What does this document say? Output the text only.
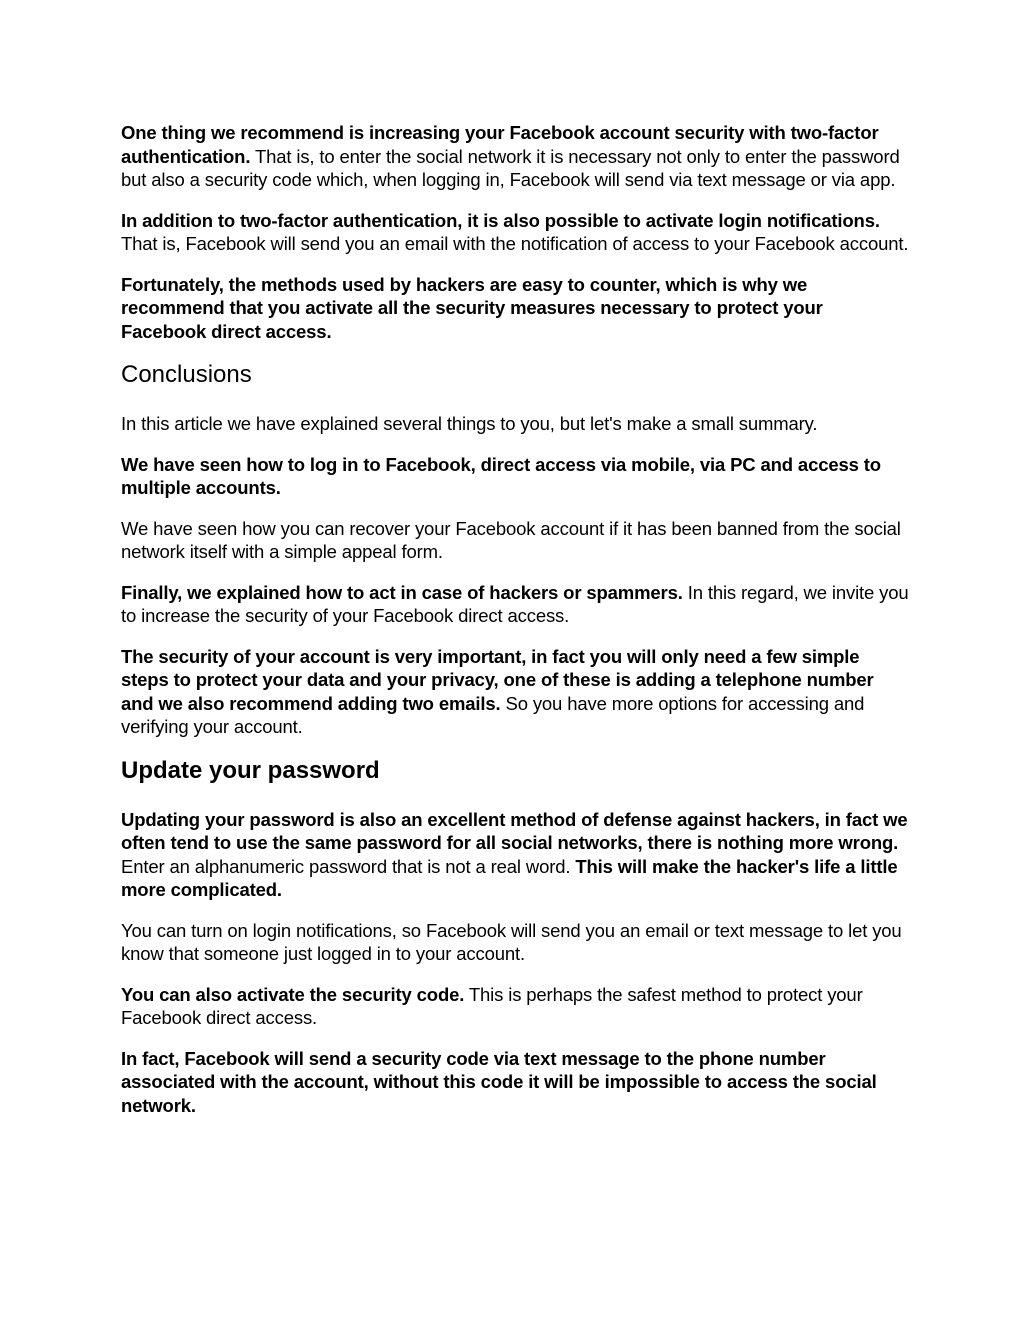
One thing we recommend is increasing your Facebook account security with two-factor authentication. That is, to enter the social network it is necessary not only to enter the password but also a security code which, when logging in, Facebook will send via text message or via app.

In addition to two-factor authentication, it is also possible to activate login notifications. That is, Facebook will send you an email with the notification of access to your Facebook account.

Fortunately, the methods used by hackers are easy to counter, which is why we recommend that you activate all the security measures necessary to protect your Facebook direct access.

Conclusions

In this article we have explained several things to you, but let's make a small summary.

We have seen how to log in to Facebook, direct access via mobile, via PC and access to multiple accounts.

We have seen how you can recover your Facebook account if it has been banned from the social network itself with a simple appeal form.

Finally, we explained how to act in case of hackers or spammers. In this regard, we invite you to increase the security of your Facebook direct access.

The security of your account is very important, in fact you will only need a few simple steps to protect your data and your privacy, one of these is adding a telephone number and we also recommend adding two emails. So you have more options for accessing and verifying your account.

Update your password

Updating your password is also an excellent method of defense against hackers, in fact we often tend to use the same password for all social networks, there is nothing more wrong. Enter an alphanumeric password that is not a real word. This will make the hacker's life a little more complicated.

You can turn on login notifications, so Facebook will send you an email or text message to let you know that someone just logged in to your account.

You can also activate the security code. This is perhaps the safest method to protect your Facebook direct access.

In fact, Facebook will send a security code via text message to the phone number associated with the account, without this code it will be impossible to access the social network.
